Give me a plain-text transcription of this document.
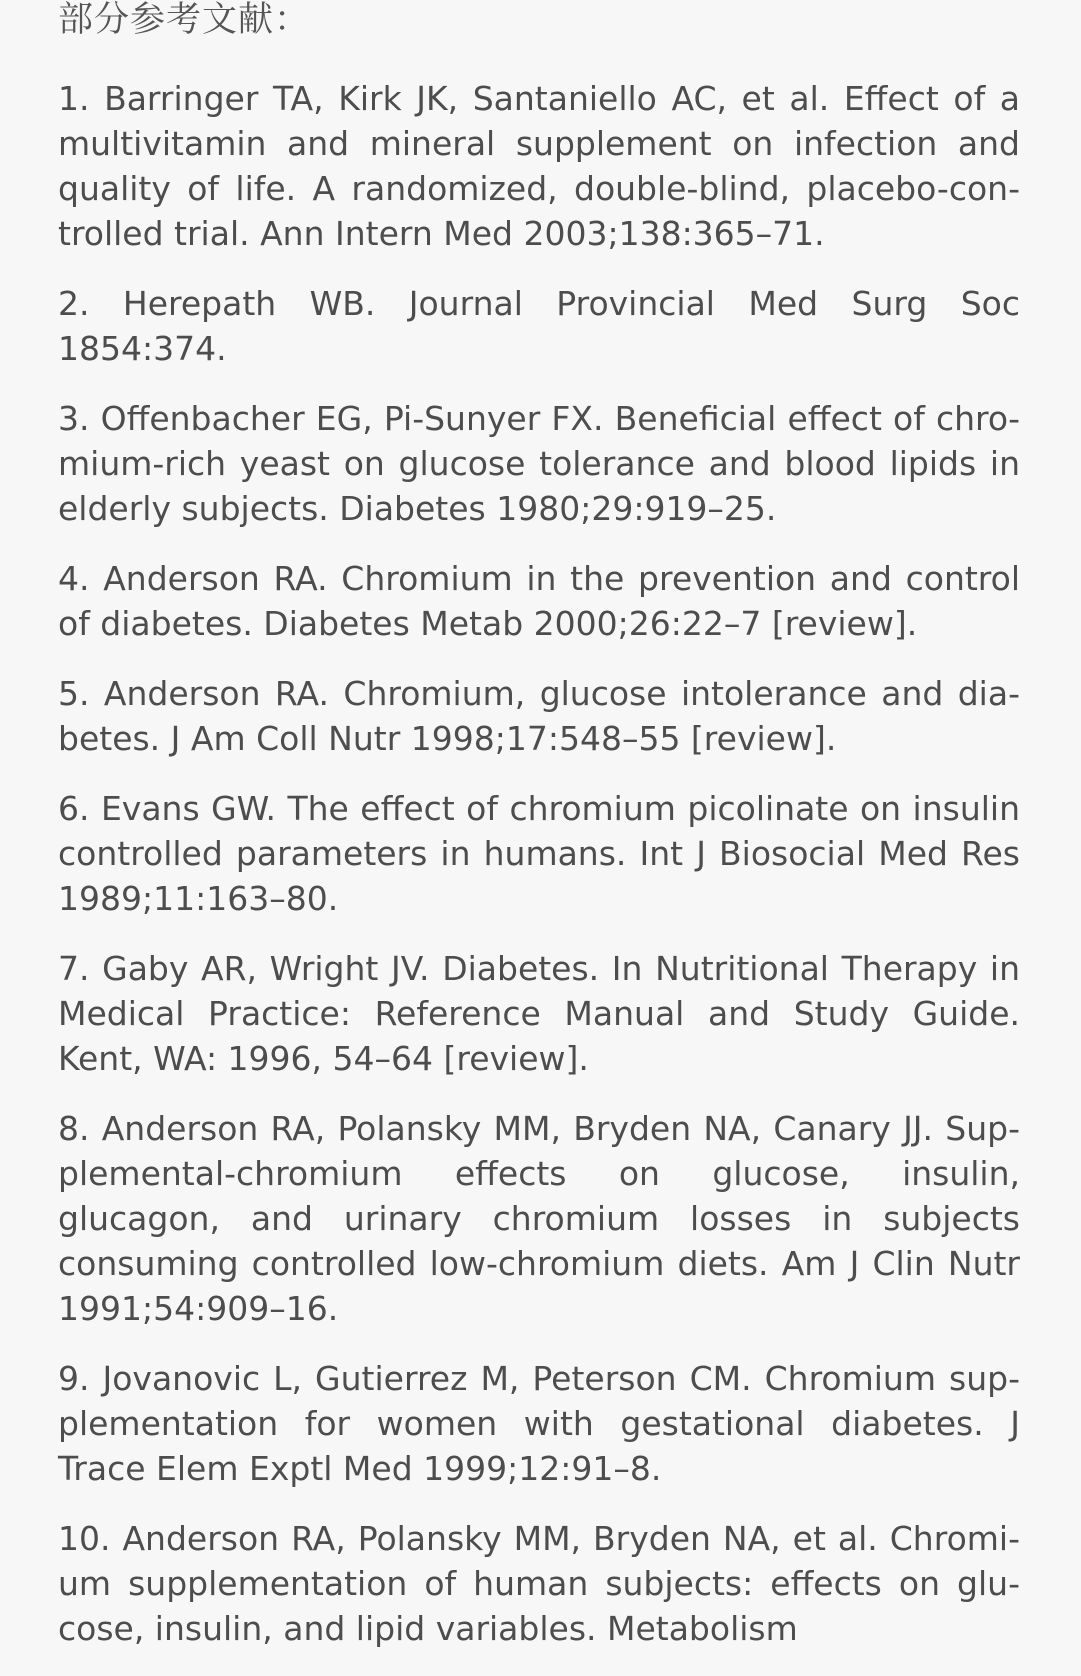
部分参考文献：
1. Barringer TA, Kirk JK, Santaniello AC, et al. Effect of a multivitamin and mineral supplement on infection and quality of life. A randomized, double-blind, placebo-controlled trial. Ann Intern Med 2003;138:365–71.
2. Herepath WB. Journal Provincial Med Surg Soc 1854:374.
3. Offenbacher EG, Pi-Sunyer FX. Beneficial effect of chromium-rich yeast on glucose tolerance and blood lipids in elderly subjects. Diabetes 1980;29:919–25.
4. Anderson RA. Chromium in the prevention and control of diabetes. Diabetes Metab 2000;26:22–7 [review].
5. Anderson RA. Chromium, glucose intolerance and diabetes. J Am Coll Nutr 1998;17:548–55 [review].
6. Evans GW. The effect of chromium picolinate on insulin controlled parameters in humans. Int J Biosocial Med Res 1989;11:163–80.
7. Gaby AR, Wright JV. Diabetes. In Nutritional Therapy in Medical Practice: Reference Manual and Study Guide. Kent, WA: 1996, 54–64 [review].
8. Anderson RA, Polansky MM, Bryden NA, Canary JJ. Supplemental-chromium effects on glucose, insulin, glucagon, and urinary chromium losses in subjects consuming controlled low-chromium diets. Am J Clin Nutr 1991;54:909–16.
9. Jovanovic L, Gutierrez M, Peterson CM. Chromium supplementation for women with gestational diabetes. J Trace Elem Exptl Med 1999;12:91–8.
10. Anderson RA, Polansky MM, Bryden NA, et al. Chromium supplementation of human subjects: effects on glucose, insulin, and lipid variables. Metabolism
